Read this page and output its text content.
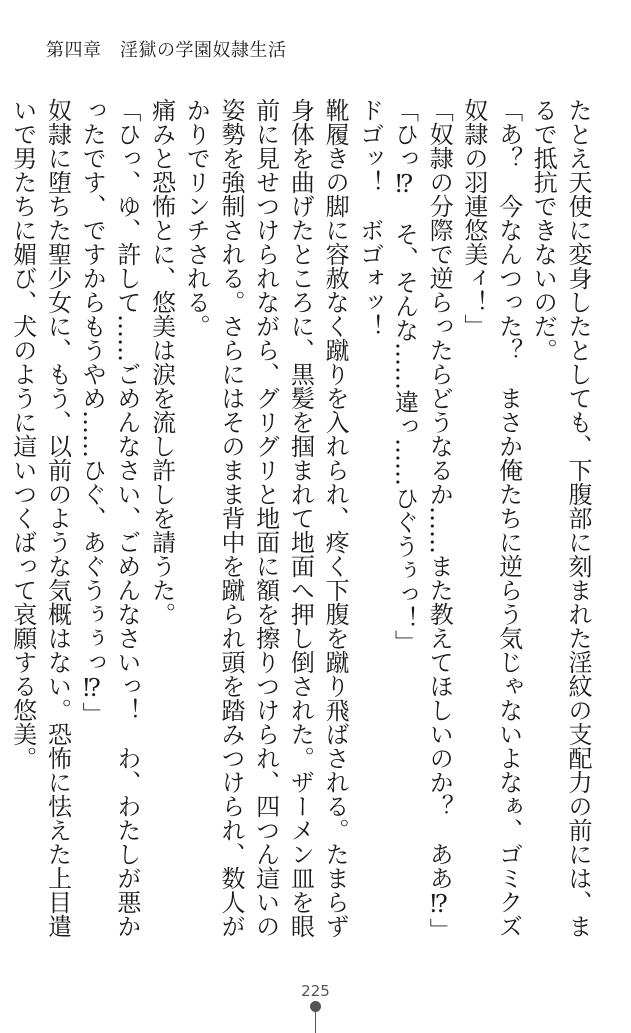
第四章　淫獄の学園奴隷生活

たとえ天使に変身したとしても、下腹部に刻まれた淫紋の支配力の前には、まるで抵抗できないのだ。

「あ？　今なんつった？　まさか俺たちに逆らう気じゃないよなぁ、ゴミクズ奴隷の羽連悠美ィ！」

「奴隷の分際で逆らったらどうなるか……また教えてほしいのか？　ああ⁉」

「ひっ⁉　そ、そんな……違っ……ひぐうぅっ！」

ドゴッ！　ボゴォッ！

靴履きの脚に容赦なく蹴りを入れられ、疼く下腹を蹴り飛ばされる。たまらず身体を曲げたところに、黒髪を掴まれて地面へ押し倒された。ザーメン皿を眼前に見せつけられながら、グリグリと地面に額を擦りつけられ、四つん這いの姿勢を強制される。さらにはそのまま背中を蹴られ頭を踏みつけられ、数人がかりでリンチされる。

痛みと恐怖とに、悠美は涙を流し許しを請うた。

「ひっ、ゆ、許して……ごめんなさい、ごめんなさいっ！　わ、わたしが悪かったです、ですからもうやめ……ひぐ、あぐうぅぅっ⁉」

奴隷に堕ちた聖少女に、もう、以前のような気概はない。恐怖に怯えた上目遣いで男たちに媚び、犬のように這いつくばって哀願する悠美。

225
